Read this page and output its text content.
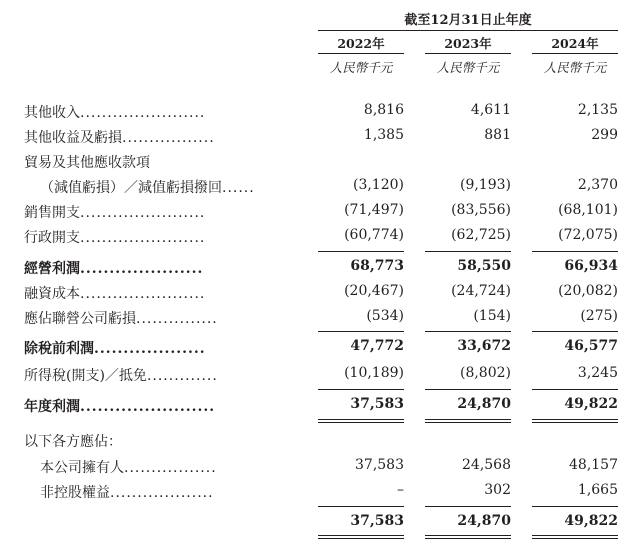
截至12月31日止年度
2022年	2023年	2024年
人民幣千元	人民幣千元	人民幣千元
其他收入.......................	8,816	4,611	2,135
其他收益及虧損.................	1,385	881	299
貿易及其他應收款項
（減值虧損）／減值虧損撥回......	(3,120)	(9,193)	2,370
銷售開支.......................	(71,497)	(83,556)	(68,101)
行政開支.......................	(60,774)	(62,725)	(72,075)
經營利潤.....................	68,773	58,550	66,934
融資成本.......................	(20,467)	(24,724)	(20,082)
應佔聯營公司虧損...............	(534)	(154)	(275)
除稅前利潤...................	47,772	33,672	46,577
所得稅(開支)／抵免.............	(10,189)	(8,802)	3,245
年度利潤.......................	37,583	24,870	49,822
以下各方應佔：
本公司擁有人.................	37,583	24,568	48,157
非控股權益...................	–	302	1,665
37,583	24,870	49,822
